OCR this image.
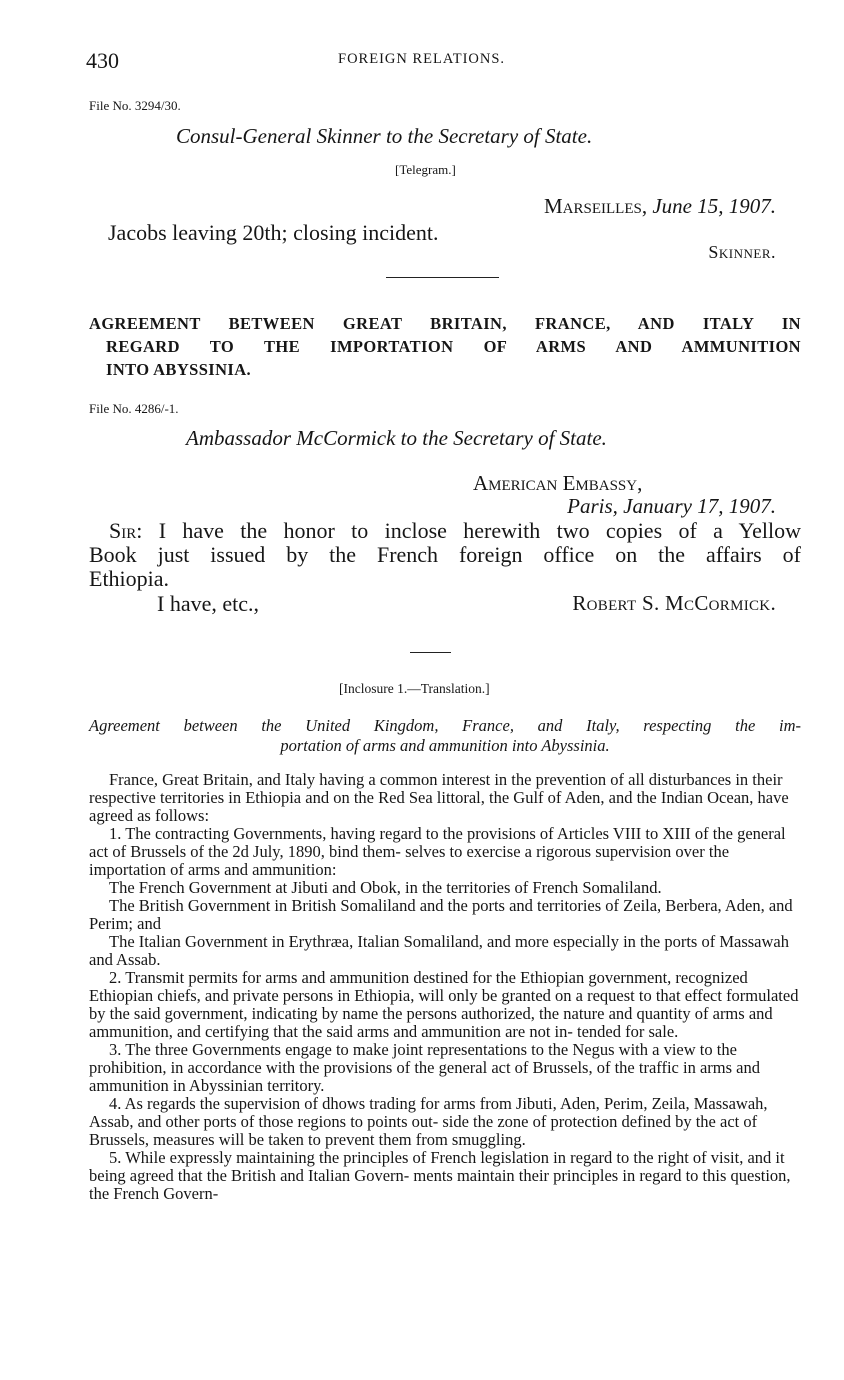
430	FOREIGN RELATIONS.
File No. 3294/30.
Consul-General Skinner to the Secretary of State.
[Telegram.]
Marseilles, June 15, 1907.
Jacobs leaving 20th; closing incident.
Skinner.
AGREEMENT BETWEEN GREAT BRITAIN, FRANCE, AND ITALY IN
REGARD TO THE IMPORTATION OF ARMS AND AMMUNITION
INTO ABYSSINIA.
File No. 4286/-1.
Ambassador McCormick to the Secretary of State.
American Embassy,
Paris, January 17, 1907.
Sir: I have the honor to inclose herewith two copies of a Yellow
Book just issued by the French foreign office on the affairs of
Ethiopia.
I have, etc.,	Robert S. McCormick.
[Inclosure 1.—Translation.]
Agreement between the United Kingdom, France, and Italy, respecting the im-
portation of arms and ammunition into Abyssinia.
France, Great Britain, and Italy having a common interest in the prevention of all disturbances in their respective territories in Ethiopia and on the Red Sea littoral, the Gulf of Aden, and the Indian Ocean, have agreed as follows:
1. The contracting Governments, having regard to the provisions of Articles VIII to XIII of the general act of Brussels of the 2d July, 1890, bind them- selves to exercise a rigorous supervision over the importation of arms and ammunition:
The French Government at Jibuti and Obok, in the territories of French Somaliland.
The British Government in British Somaliland and the ports and territories of Zeila, Berbera, Aden, and Perim; and
The Italian Government in Erythræa, Italian Somaliland, and more especially in the ports of Massawah and Assab.
2. Transmit permits for arms and ammunition destined for the Ethiopian government, recognized Ethiopian chiefs, and private persons in Ethiopia, will only be granted on a request to that effect formulated by the said government, indicating by name the persons authorized, the nature and quantity of arms and ammunition, and certifying that the said arms and ammunition are not in- tended for sale.
3. The three Governments engage to make joint representations to the Negus with a view to the prohibition, in accordance with the provisions of the general act of Brussels, of the traffic in arms and ammunition in Abyssinian territory.
4. As regards the supervision of dhows trading for arms from Jibuti, Aden, Perim, Zeila, Massawah, Assab, and other ports of those regions to points out- side the zone of protection defined by the act of Brussels, measures will be taken to prevent them from smuggling.
5. While expressly maintaining the principles of French legislation in regard to the right of visit, and it being agreed that the British and Italian Govern- ments maintain their principles in regard to this question, the French Govern-
